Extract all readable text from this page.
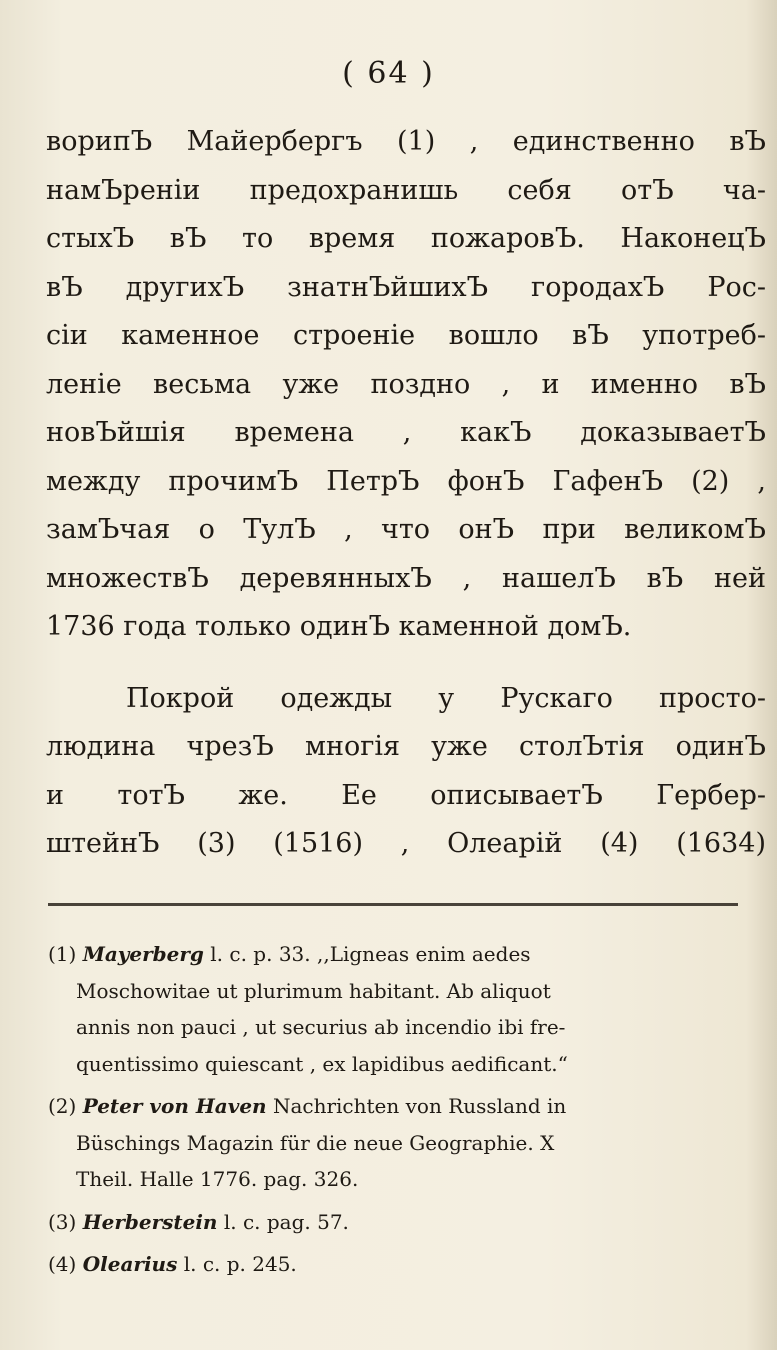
( 64 )
ворипЪ Майербергъ (1) , единственно вЪ
намЪреніи предохранишь себя отЪ ча-
стыхЪ вЪ то время пожаровЪ. НаконецЪ
вЪ другихЪ знатнЪйшихЪ городахЪ Рос-
сіи каменное строеніе вошло вЪ употреб-
леніе весьма уже поздно , и именно вЪ
новЪйшія времена , какЪ доказываетЪ
между прочимЪ ПетрЪ фонЪ ГафенЪ (2) ,
замЪчая о ТулЪ , что онЪ при великомЪ
множествЪ деревянныхЪ , нашелЪ вЪ ней
1736 года только одинЪ каменной домЪ.
Покрой одежды у Рускаго просто-
людина чрезЪ многія уже столЪтія одинЪ
и тотЪ же. Ее описываетЪ Гербер-
штейнЪ (3) (1516) , Олеарій (4) (1634)
(1) Mayerberg l. c. p. 33. ,,Ligneas enim aedes
Moschowitae ut plurimum habitant. Ab aliquot
annis non pauci , ut securius ab incendio ibi fre-
quentissimo quiescant , ex lapidibus aedificant.“
(2) Peter von Haven Nachrichten von Russland in
Büschings Magazin für die neue Geographie. X
Theil. Halle 1776. pag. 326.
(3) Herberstein l. c. pag. 57.
(4) Olearius l. c. p. 245.
